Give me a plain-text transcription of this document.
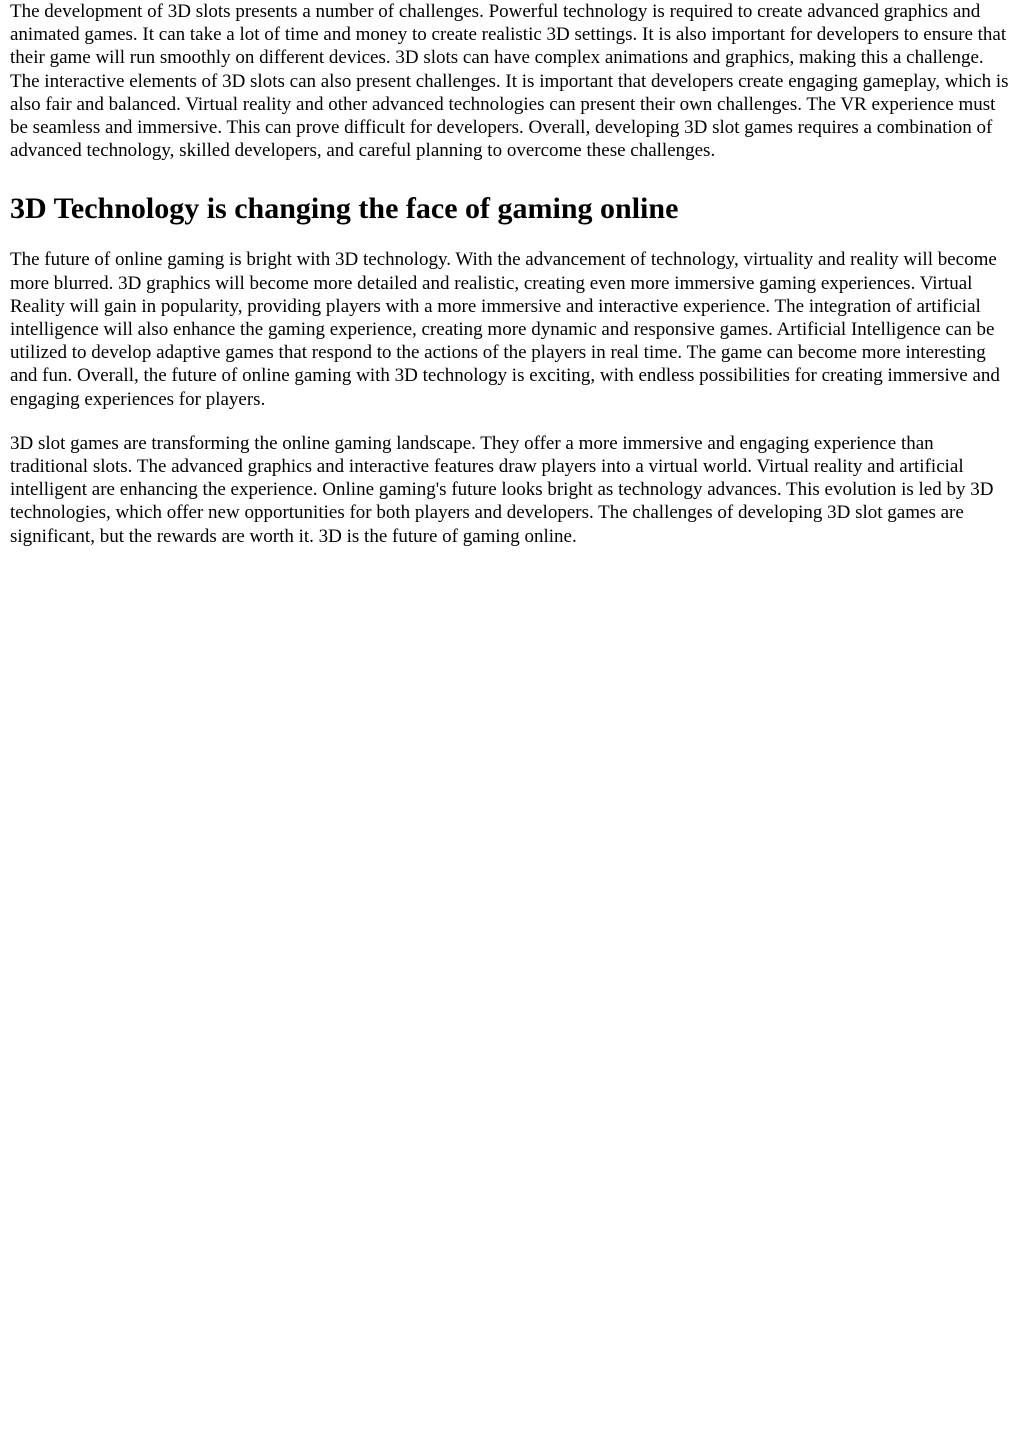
The development of 3D slots presents a number of challenges. Powerful technology is required to create advanced graphics and animated games. It can take a lot of time and money to create realistic 3D settings. It is also important for developers to ensure that their game will run smoothly on different devices. 3D slots can have complex animations and graphics, making this a challenge. The interactive elements of 3D slots can also present challenges. It is important that developers create engaging gameplay, which is also fair and balanced. Virtual reality and other advanced technologies can present their own challenges. The VR experience must be seamless and immersive. This can prove difficult for developers. Overall, developing 3D slot games requires a combination of advanced technology, skilled developers, and careful planning to overcome these challenges.

3D Technology is changing the face of gaming online

The future of online gaming is bright with 3D technology. With the advancement of technology, virtuality and reality will become more blurred. 3D graphics will become more detailed and realistic, creating even more immersive gaming experiences. Virtual Reality will gain in popularity, providing players with a more immersive and interactive experience. The integration of artificial intelligence will also enhance the gaming experience, creating more dynamic and responsive games. Artificial Intelligence can be utilized to develop adaptive games that respond to the actions of the players in real time. The game can become more interesting and fun. Overall, the future of online gaming with 3D technology is exciting, with endless possibilities for creating immersive and engaging experiences for players.

3D slot games are transforming the online gaming landscape. They offer a more immersive and engaging experience than traditional slots. The advanced graphics and interactive features draw players into a virtual world. Virtual reality and artificial intelligent are enhancing the experience. Online gaming's future looks bright as technology advances. This evolution is led by 3D technologies, which offer new opportunities for both players and developers. The challenges of developing 3D slot games are significant, but the rewards are worth it. 3D is the future of gaming online.
